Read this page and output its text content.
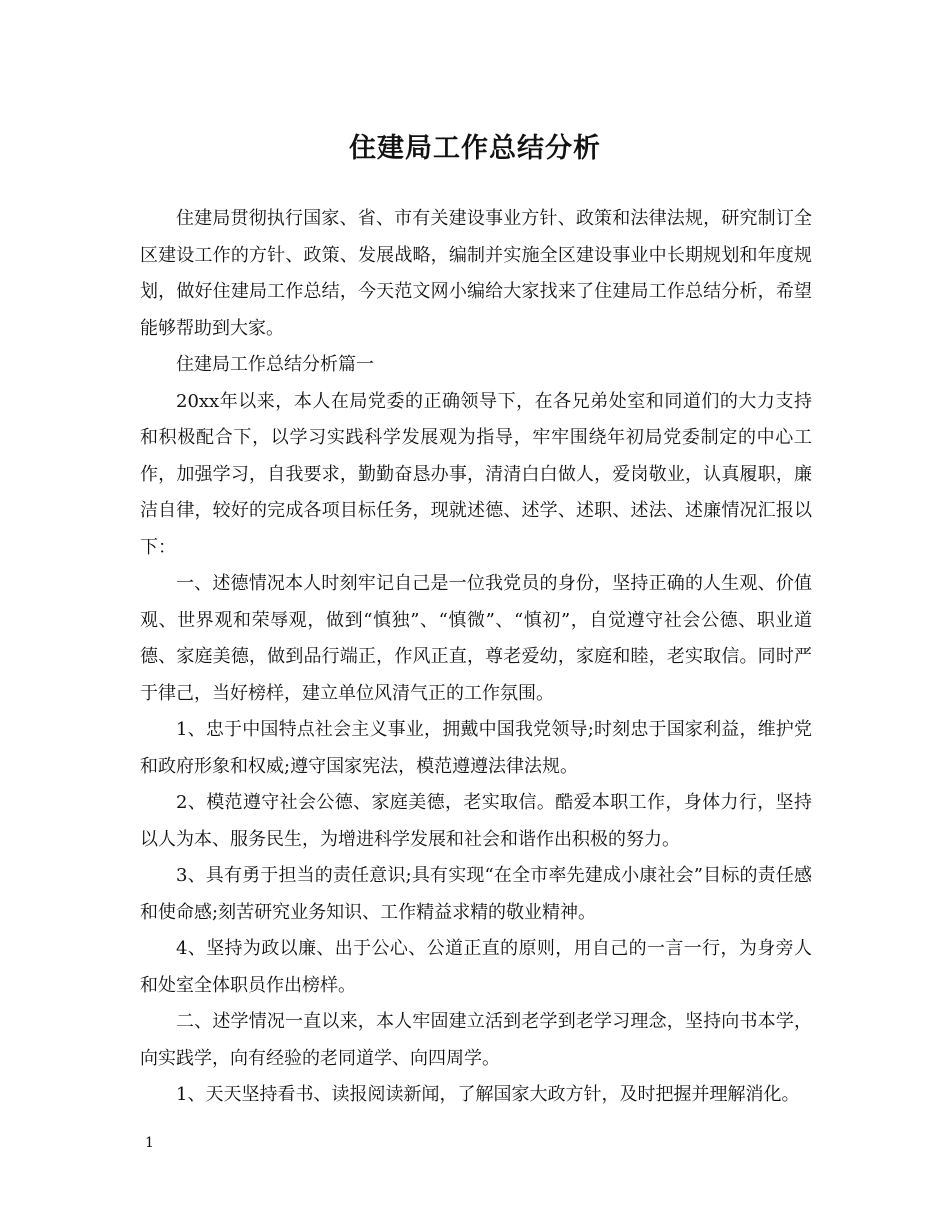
住建局工作总结分析

住建局贯彻执行国家、省、市有关建设事业方针、政策和法律法规，研究制订全区建设工作的方针、政策、发展战略，编制并实施全区建设事业中长期规划和年度规划，做好住建局工作总结，今天范文网小编给大家找来了住建局工作总结分析，希望能够帮助到大家。

住建局工作总结分析篇一

20xx年以来，本人在局党委的正确领导下，在各兄弟处室和同道们的大力支持和积极配合下，以学习实践科学发展观为指导，牢牢围绕年初局党委制定的中心工作，加强学习，自我要求，勤勤奋恳办事，清清白白做人，爱岗敬业，认真履职，廉洁自律，较好的完成各项目标任务，现就述德、述学、述职、述法、述廉情况汇报以下：

一、述德情况本人时刻牢记自己是一位我党员的身份，坚持正确的人生观、价值观、世界观和荣辱观，做到“慎独”、“慎微”、“慎初”，自觉遵守社会公德、职业道德、家庭美德，做到品行端正，作风正直，尊老爱幼，家庭和睦，老实取信。同时严于律己，当好榜样，建立单位风清气正的工作氛围。

1、忠于中国特点社会主义事业，拥戴中国我党领导;时刻忠于国家利益，维护党和政府形象和权威;遵守国家宪法，模范遵遵法律法规。

2、模范遵守社会公德、家庭美德，老实取信。酷爱本职工作，身体力行，坚持以人为本、服务民生，为增进科学发展和社会和谐作出积极的努力。

3、具有勇于担当的责任意识;具有实现“在全市率先建成小康社会”目标的责任感和使命感;刻苦研究业务知识、工作精益求精的敬业精神。

4、坚持为政以廉、出于公心、公道正直的原则，用自己的一言一行，为身旁人和处室全体职员作出榜样。

二、述学情况一直以来，本人牢固建立活到老学到老学习理念，坚持向书本学，向实践学，向有经验的老同道学、向四周学。

1、天天坚持看书、读报阅读新闻，了解国家大政方针，及时把握并理解消化。

1
